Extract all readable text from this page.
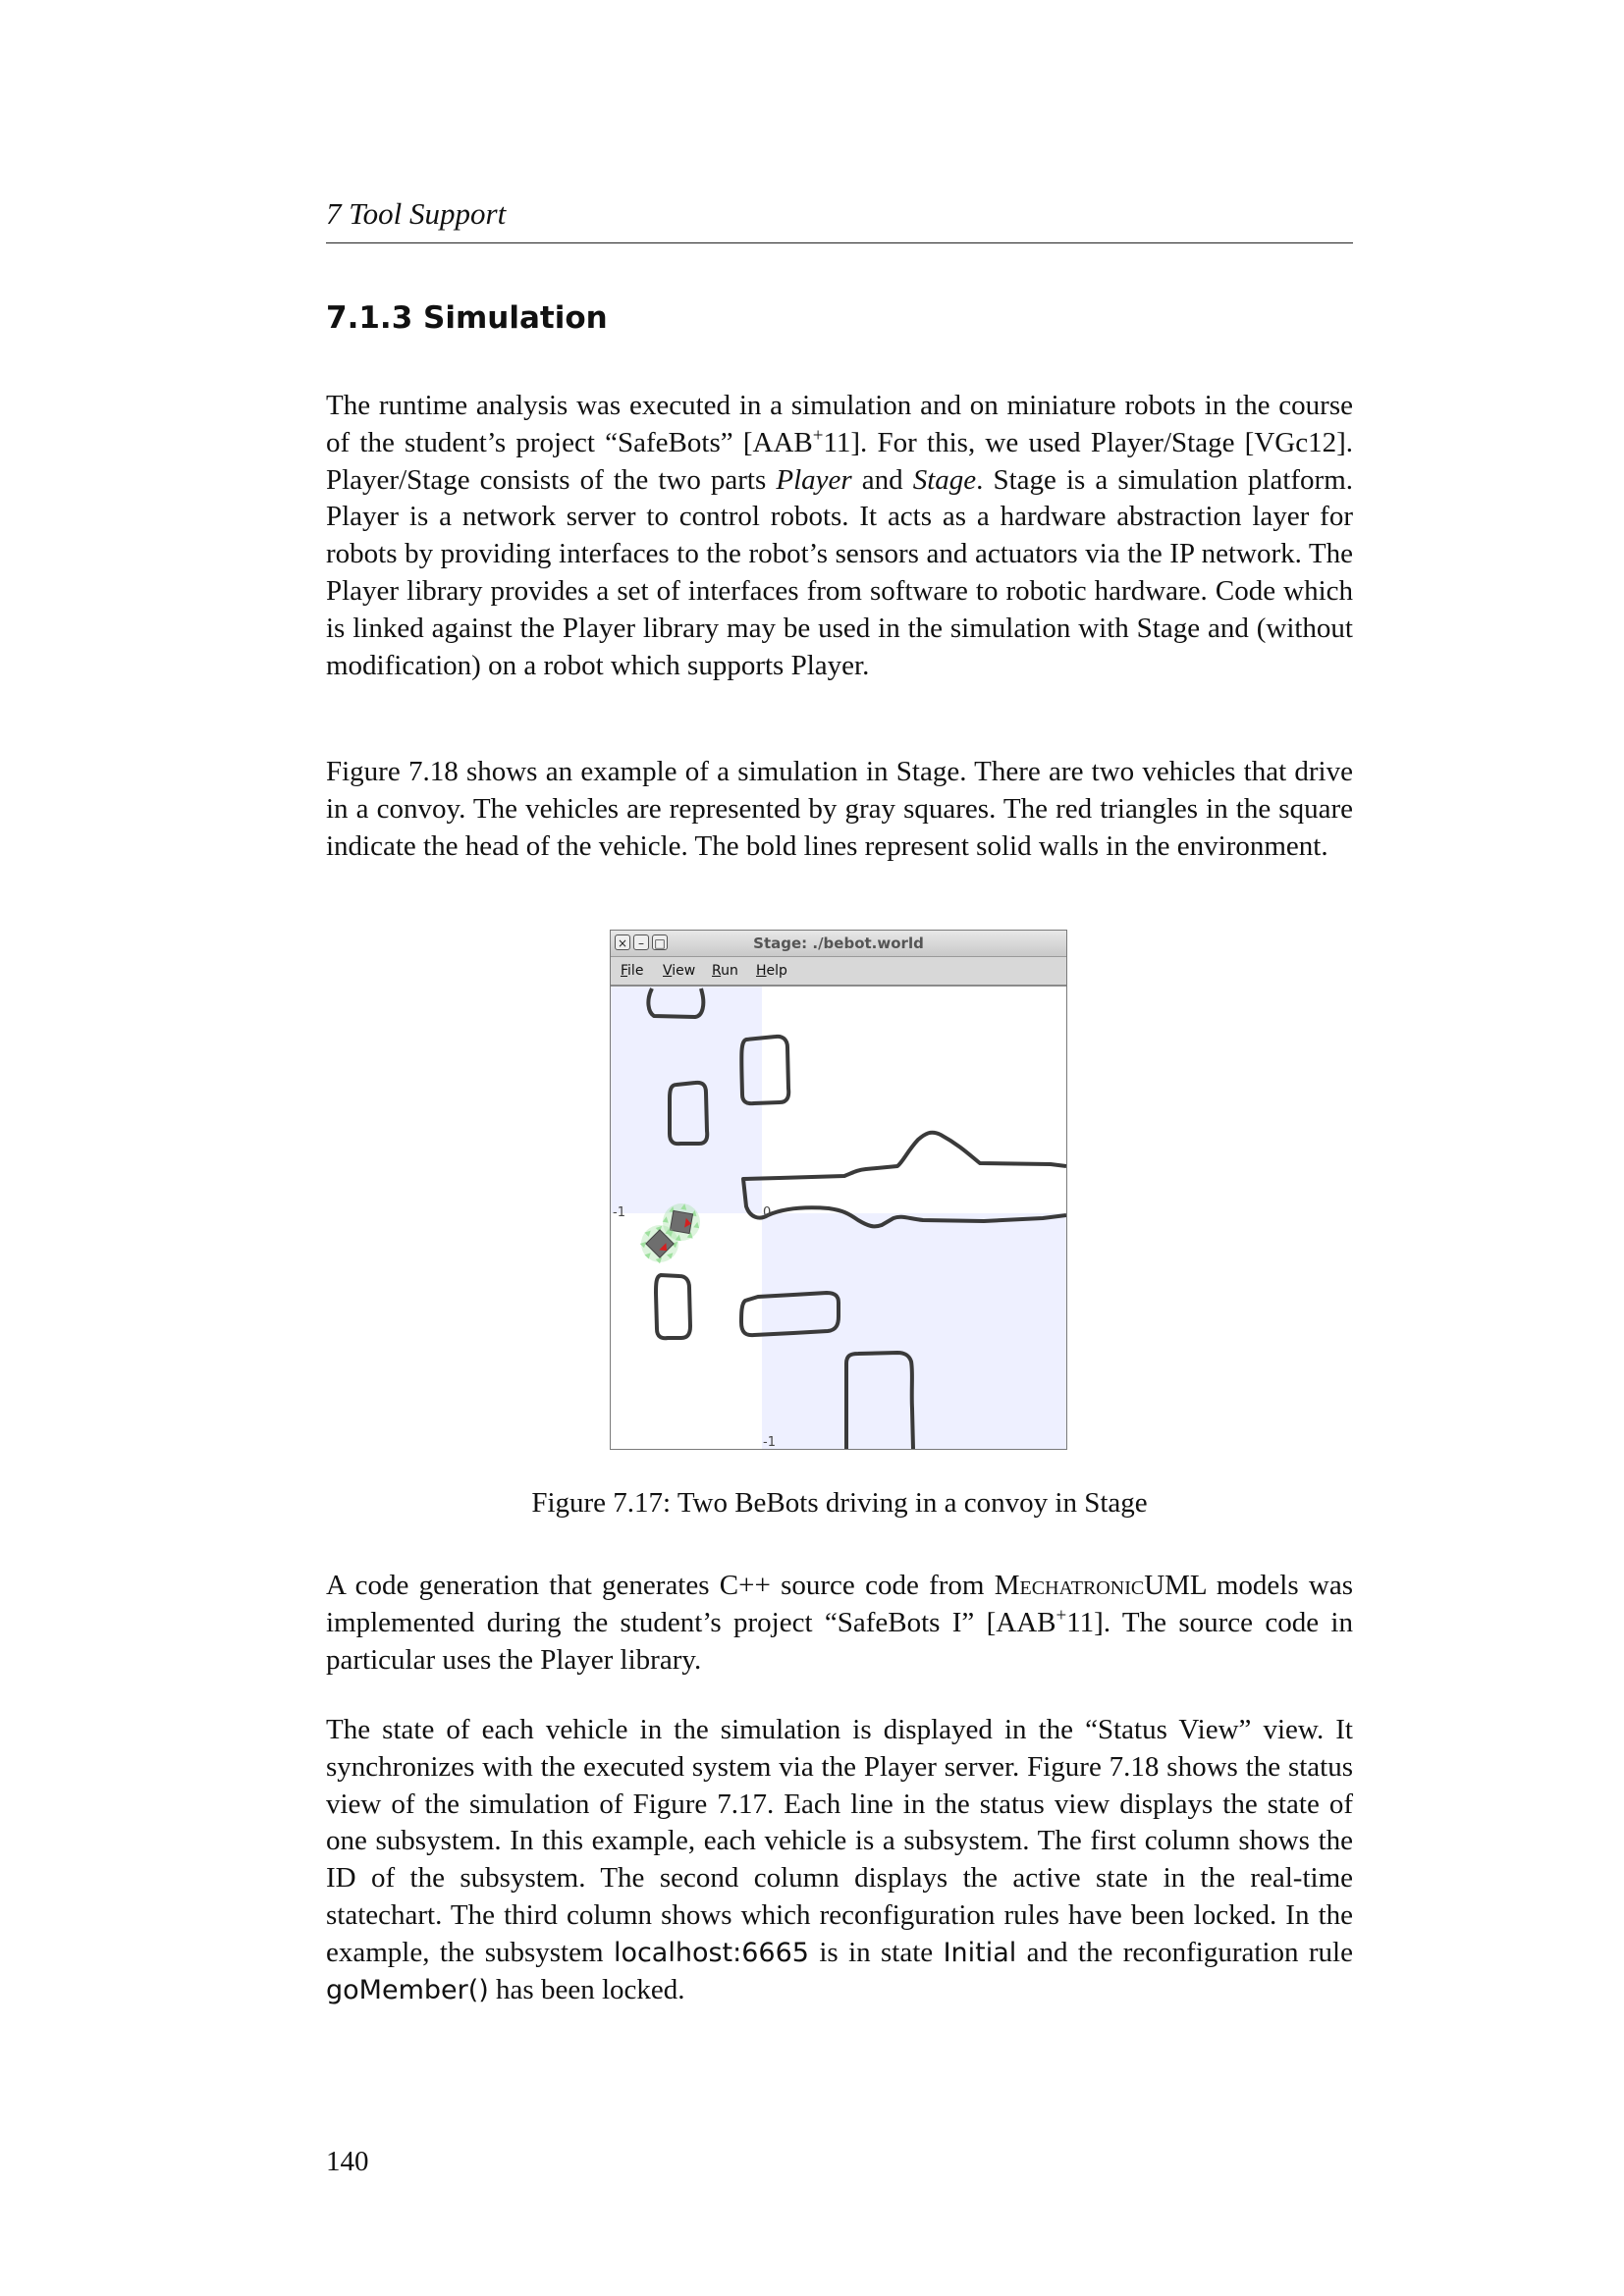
7 Tool Support
7.1.3 Simulation

The runtime analysis was executed in a simulation and on miniature robots in the course of the student’s project “SafeBots” [AAB+11]. For this, we used Player/Stage [VGc12]. Player/Stage consists of the two parts Player and Stage. Stage is a simulation platform. Player is a network server to control robots. It acts as a hardware abstraction layer for robots by providing interfaces to the robot’s sensors and actuators via the IP network. The Player library provides a set of interfaces from software to robotic hardware. Code which is linked against the Player library may be used in the simulation with Stage and (without modification) on a robot which supports Player.

Figure 7.18 shows an example of a simulation in Stage. There are two vehicles that drive in a convoy. The vehicles are represented by gray squares. The red triangles in the square indicate the head of the vehicle. The bold lines represent solid walls in the environment.

× – □	Stage: ./bebot.world
File View Run Help
-1	0
-1
Figure 7.17: Two BeBots driving in a convoy in Stage

A code generation that generates C++ source code from MechatronicUML models was implemented during the student’s project “SafeBots I” [AAB+11]. The source code in particular uses the Player library.

The state of each vehicle in the simulation is displayed in the “Status View” view. It synchronizes with the executed system via the Player server. Figure 7.18 shows the status view of the simulation of Figure 7.17. Each line in the status view displays the state of one subsystem. In this example, each vehicle is a subsystem. The first column shows the ID of the subsystem. The second column displays the active state in the real-time statechart. The third column shows which reconfiguration rules have been locked. In the example, the subsystem localhost:6665 is in state Initial and the reconfiguration rule goMember() has been locked.

140
